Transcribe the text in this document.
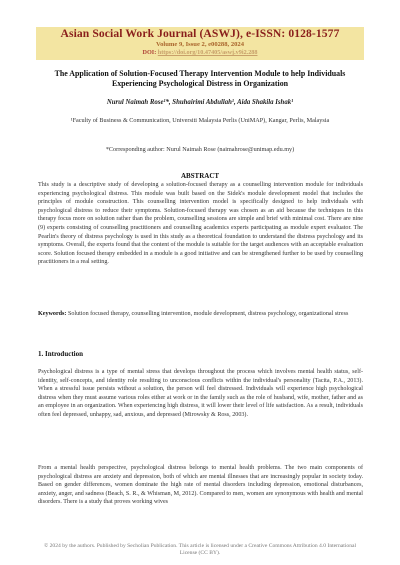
Asian Social Work Journal (ASWJ), e-ISSN: 0128-1577
Volume 9, Issue 2, e00288, 2024
DOI: https://doi.org/10.47405/aswj.v9i2.288
The Application of Solution-Focused Therapy Intervention Module to help Individuals Experiencing Psychological Distress in Organization
Nurul Naimah Rose¹*, Shuhairimi Abdullah¹, Aida Shakila Ishak¹
¹Faculty of Business & Communication, Universiti Malaysia Perlis (UniMAP), Kangar, Perlis, Malaysia
*Corresponding author: Nurul Naimah Rose (naimahrose@unimap.edu.my)
ABSTRACT
This study is a descriptive study of developing a solution-focused therapy as a counselling intervention module for individuals experiencing psychological distress. This module was built based on the Sidek's module development model that includes the principles of module construction. This counselling intervention model is specifically designed to help individuals with psychological distress to reduce their symptoms. Solution-focused therapy was chosen as an aid because the techniques in this therapy focus more on solution rather than the problem, counselling sessions are simple and brief with minimal cost. There are nine (9) experts consisting of counselling practitioners and counselling academics experts participating as module expert evaluator. The Pearlin's theory of distress psychology is used in this study as a theoretical foundation to understand the distress psychology and its symptoms. Overall, the experts found that the content of the module is suitable for the target audiences with an acceptable evaluation score. Solution focused therapy embedded in a module is a good initiative and can be strengthened further to be used by counselling practitioners in a real setting.
Keywords: Solution focused therapy, counselling intervention, module development, distress psychology, organizational stress
1. Introduction
Psychological distress is a type of mental stress that develops throughout the process which involves mental health status, self-identity, self-concepts, and identity role resulting to unconscious conflicts within the individual's personality (Tacita, P.A., 2013). When a stressful issue persists without a solution, the person will feel distressed. Individuals will experience high psychological distress when they must assume various roles either at work or in the family such as the role of husband, wife, mother, father and as an employee in an organization. When experiencing high distress, it will lower their level of life satisfaction. As a result, individuals often feel depressed, unhappy, sad, anxious, and depressed (Mirowsky & Ross, 2003).
From a mental health perspective, psychological distress belongs to mental health problems. The two main components of psychological distress are anxiety and depression, both of which are mental illnesses that are increasingly popular in society today. Based on gender differences, women dominate the high rate of mental disorders including depression, emotional disturbances, anxiety, anger, and sadness (Beach, S. R., & Whisman, M, 2012). Compared to men, women are synonymous with health and mental disorders. There is a study that proves working wives
© 2024 by the authors. Published by Secholian Publication. This article is licensed under a Creative Commons Attribution 4.0 International License (CC BY).
